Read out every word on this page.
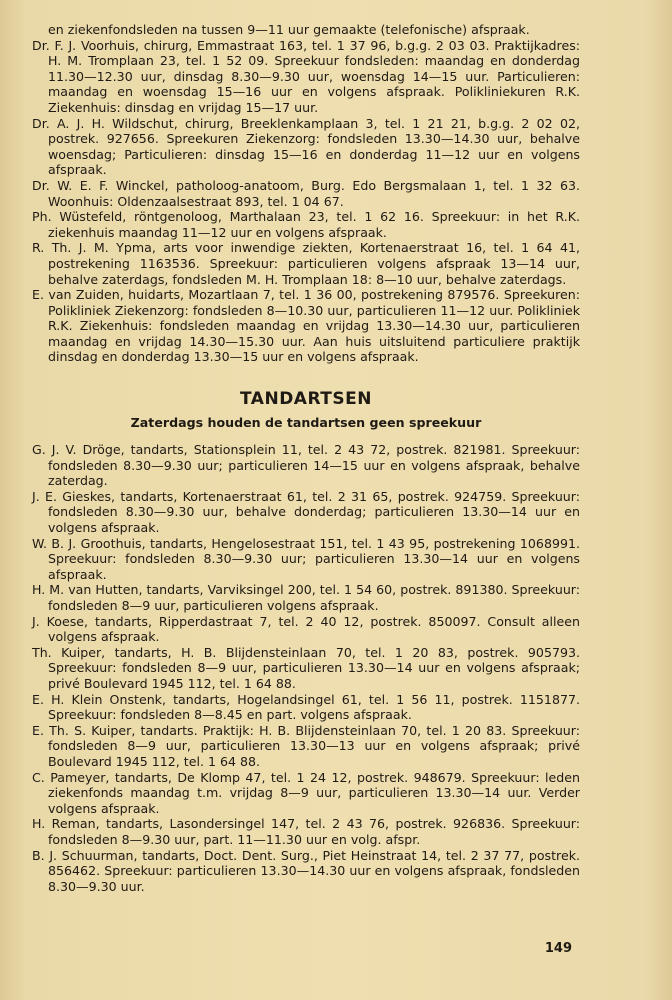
en ziekenfondsleden na tussen 9—11 uur gemaakte (telefonische) afspraak.

Dr. F. J. Voorhuis, chirurg, Emmastraat 163, tel. 1 37 96, b.g.g. 2 03 03. Praktijkadres: H. M. Tromplaan 23, tel. 1 52 09. Spreekuur fondsleden: maandag en donderdag 11.30—12.30 uur, dinsdag 8.30—9.30 uur, woensdag 14—15 uur. Particulieren: maandag en woensdag 15—16 uur en volgens afspraak. Polikliniekuren R.K. Ziekenhuis: dinsdag en vrijdag 15—17 uur.

Dr. A. J. H. Wildschut, chirurg, Breeklenkamplaan 3, tel. 1 21 21, b.g.g. 2 02 02, postrek. 927656. Spreekuren Ziekenzorg: fondsleden 13.30—14.30 uur, behalve woensdag; Particulieren: dinsdag 15—16 en donderdag 11—12 uur en volgens afspraak.

Dr. W. E. F. Winckel, patholoog-anatoom, Burg. Edo Bergsmalaan 1, tel. 1 32 63. Woonhuis: Oldenzaalsestraat 893, tel. 1 04 67.

Ph. Wüstefeld, röntgenoloog, Marthalaan 23, tel. 1 62 16. Spreekuur: in het R.K. ziekenhuis maandag 11—12 uur en volgens afspraak.

R. Th. J. M. Ypma, arts voor inwendige ziekten, Kortenaerstraat 16, tel. 1 64 41, postrekening 1163536. Spreekuur: particulieren volgens afspraak 13—14 uur, behalve zaterdags, fondsleden M. H. Tromplaan 18: 8—10 uur, behalve zaterdags.

E. van Zuiden, huidarts, Mozartlaan 7, tel. 1 36 00, postrekening 879576. Spreekuren: Polikliniek Ziekenzorg: fondsleden 8—10.30 uur, particulieren 11—12 uur. Polikliniek R.K. Ziekenhuis: fondsleden maandag en vrijdag 13.30—14.30 uur, particulieren maandag en vrijdag 14.30—15.30 uur. Aan huis uitsluitend particuliere praktijk dinsdag en donderdag 13.30—15 uur en volgens afspraak.

TANDARTSEN
Zaterdags houden de tandartsen geen spreekuur

G. J. V. Dröge, tandarts, Stationsplein 11, tel. 2 43 72, postrek. 821981. Spreekuur: fondsleden 8.30—9.30 uur; particulieren 14—15 uur en volgens afspraak, behalve zaterdag.

J. E. Gieskes, tandarts, Kortenaerstraat 61, tel. 2 31 65, postrek. 924759. Spreekuur: fondsleden 8.30—9.30 uur, behalve donderdag; particulieren 13.30—14 uur en volgens afspraak.

W. B. J. Groothuis, tandarts, Hengelosestraat 151, tel. 1 43 95, postrekening 1068991. Spreekuur: fondsleden 8.30—9.30 uur; particulieren 13.30—14 uur en volgens afspraak.

H. M. van Hutten, tandarts, Varviksingel 200, tel. 1 54 60, postrek. 891380. Spreekuur: fondsleden 8—9 uur, particulieren volgens afspraak.

J. Koese, tandarts, Ripperdastraat 7, tel. 2 40 12, postrek. 850097. Consult alleen volgens afspraak.

Th. Kuiper, tandarts, H. B. Blijdensteinlaan 70, tel. 1 20 83, postrek. 905793. Spreekuur: fondsleden 8—9 uur, particulieren 13.30—14 uur en volgens afspraak; privé Boulevard 1945 112, tel. 1 64 88.

E. H. Klein Onstenk, tandarts, Hogelandsingel 61, tel. 1 56 11, postrek. 1151877. Spreekuur: fondsleden 8—8.45 en part. volgens afspraak.

E. Th. S. Kuiper, tandarts. Praktijk: H. B. Blijdensteinlaan 70, tel. 1 20 83. Spreekuur: fondsleden 8—9 uur, particulieren 13.30—13 uur en volgens afspraak; privé Boulevard 1945 112, tel. 1 64 88.

C. Pameyer, tandarts, De Klomp 47, tel. 1 24 12, postrek. 948679. Spreekuur: leden ziekenfonds maandag t.m. vrijdag 8—9 uur, particulieren 13.30—14 uur. Verder volgens afspraak.

H. Reman, tandarts, Lasondersingel 147, tel. 2 43 76, postrek. 926836. Spreekuur: fondsleden 8—9.30 uur, part. 11—11.30 uur en volg. afspr.

B. J. Schuurman, tandarts, Doct. Dent. Surg., Piet Heinstraat 14, tel. 2 37 77, postrek. 856462. Spreekuur: particulieren 13.30—14.30 uur en volgens afspraak, fondsleden 8.30—9.30 uur.

149
